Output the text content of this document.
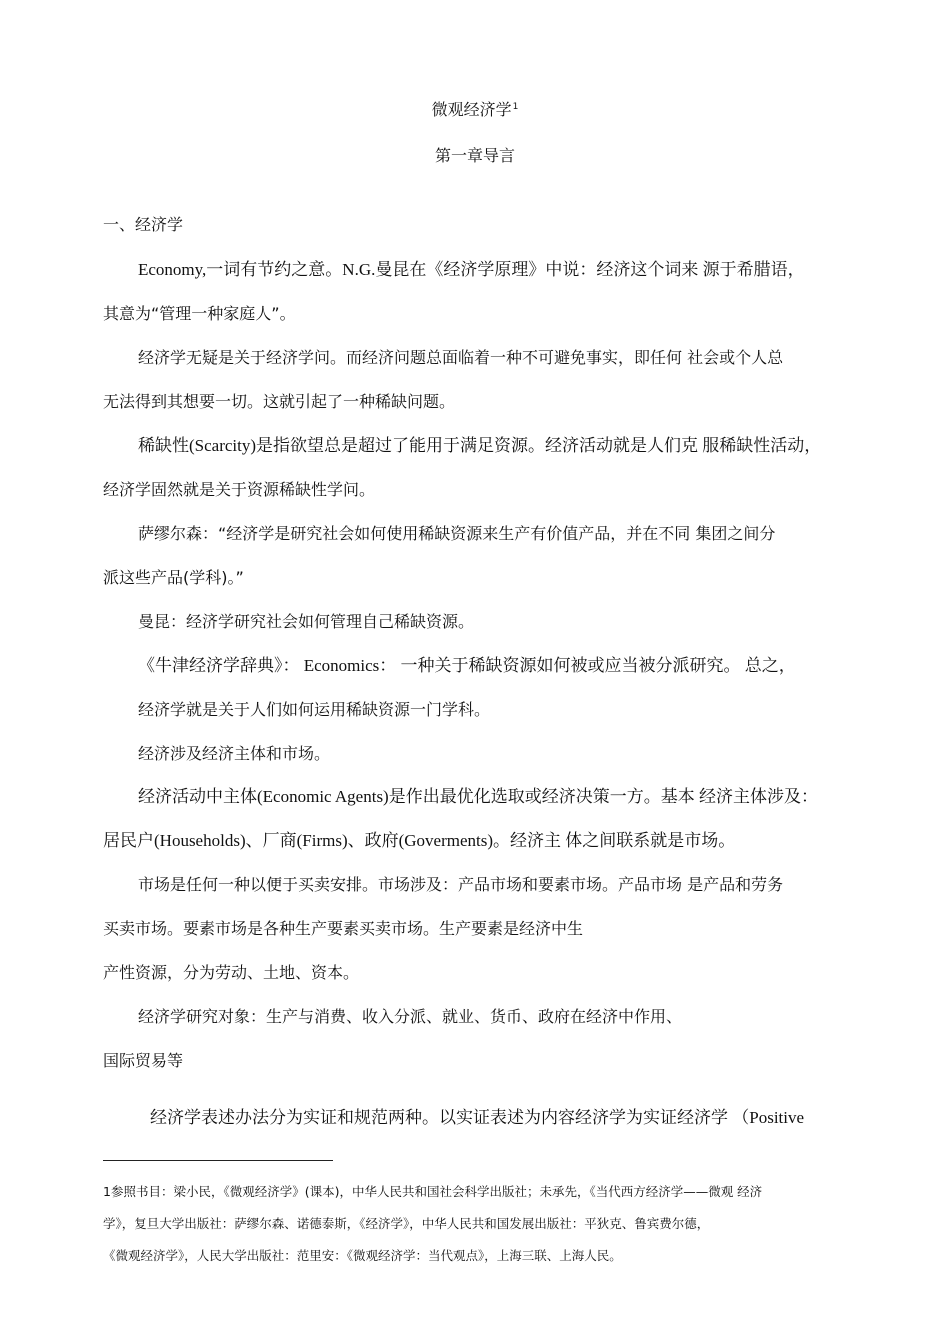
微观经济学$^1$
第一章导言
一、经济学
Economy,一词有节约之意。N.G.曼昆在《经济学原理》中说：经济这个词来 源于希腊语，
其意为“管理一种家庭人”。
经济学无疑是关于经济学问。而经济问题总面临着一种不可避免事实，即任何 社会或个人总
无法得到其想要一切。这就引起了一种稀缺问题。
稀缺性(Scarcity)是指欲望总是超过了能用于满足资源。经济活动就是人们克 服稀缺性活动，
经济学固然就是关于资源稀缺性学问。
萨缪尔森：“经济学是研究社会如何使用稀缺资源来生产有价值产品，并在不同 集团之间分
派这些产品(学科)。”
曼昆：经济学研究社会如何管理自己稀缺资源。
《牛津经济学辞典》： Economics： 一种关于稀缺资源如何被或应当被分派研究。 总之，
经济学就是关于人们如何运用稀缺资源一门学科。
经济涉及经济主体和市场。
经济活动中主体(Economic Agents)是作出最优化选取或经济决策一方。基本 经济主体涉及：
居民户(Households)、厂商(Firms)、政府(Goverments)。经济主 体之间联系就是市场。
市场是任何一种以便于买卖安排。市场涉及：产品市场和要素市场。产品市场 是产品和劳务
买卖市场。要素市场是各种生产要素买卖市场。生产要素是经济中生
产性资源，分为劳动、土地、资本。
经济学研究对象：生产与消费、收入分派、就业、货币、政府在经济中作用、
国际贸易等
经济学表述办法分为实证和规范两种。以实证表述为内容经济学为实证经济学 （Positive
1参照书目：梁小民，《微观经济学》(课本)，中华人民共和国社会科学出版社；未承先，《当代西方经济学——微观 经济
学》，复旦大学出版社：萨缪尔森、诺德泰斯，《经济学》，中华人民共和国发展出版社：平狄克、鲁宾费尔德，
《微观经济学》，人民大学出版社：范里安：《微观经济学：当代观点》，上海三联、上海人民。
